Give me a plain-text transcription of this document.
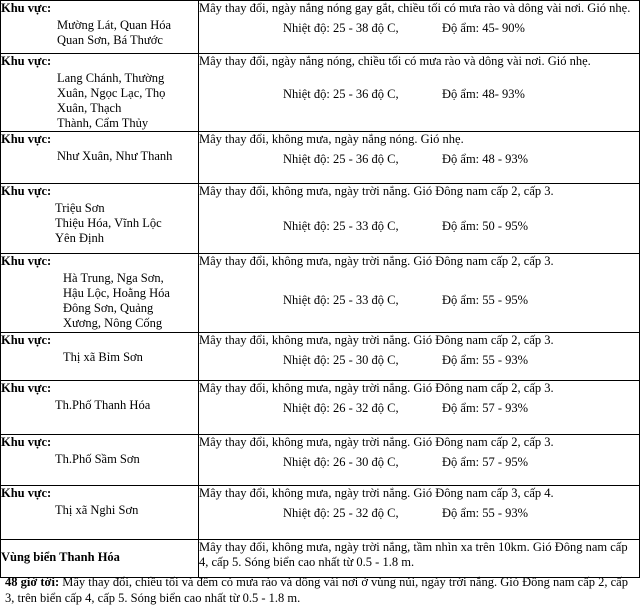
Khu vực:
Mường Lát, Quan Hóa
Quan Sơn, Bá Thước	Mây thay đổi, ngày nắng nóng gay gắt, chiều tối có mưa rào và dông vài nơi. Gió nhẹ.
Nhiệt độ: 25 - 38 độ C, Độ ẩm: 45- 90%

Khu vực:
Lang Chánh, Thường
Xuân, Ngọc Lạc, Thọ
Xuân, Thạch
Thành, Cẩm Thủy	Mây thay đổi, ngày nắng nóng, chiều tối có mưa rào và dông vài nơi. Gió nhẹ.
Nhiệt độ: 25 - 36 độ C, Độ ẩm: 48- 93%

Khu vực:
Như Xuân, Như Thanh	Mây thay đổi, không mưa, ngày nắng nóng. Gió nhẹ.
Nhiệt độ: 25 - 36 độ C, Độ ẩm: 48 - 93%

Khu vực:
Triệu Sơn
Thiệu Hóa, Vĩnh Lộc
Yên Định	Mây thay đổi, không mưa, ngày trời nắng. Gió Đông nam cấp 2, cấp 3.
Nhiệt độ: 25 - 33 độ C, Độ ẩm: 50 - 95%

Khu vực:
Hà Trung, Nga Sơn,
Hậu Lộc, Hoằng Hóa
Đông Sơn, Quảng
Xương, Nông Cống	Mây thay đổi, không mưa, ngày trời nắng. Gió Đông nam cấp 2, cấp 3.
Nhiệt độ: 25 - 33 độ C, Độ ẩm: 55 - 95%

Khu vực:
Thị xã Bỉm Sơn	Mây thay đổi, không mưa, ngày trời nắng. Gió Đông nam cấp 2, cấp 3.
Nhiệt độ: 25 - 30 độ C, Độ ẩm: 55 - 93%

Khu vực:
Th.Phố Thanh Hóa	Mây thay đổi, không mưa, ngày trời nắng. Gió Đông nam cấp 2, cấp 3.
Nhiệt độ: 26 - 32 độ C, Độ ẩm: 57 - 93%

Khu vực:
Th.Phố Sầm Sơn	Mây thay đổi, không mưa, ngày trời nắng. Gió Đông nam cấp 2, cấp 3.
Nhiệt độ: 26 - 30 độ C, Độ ẩm: 57 - 95%

Khu vực:
Thị xã Nghi Sơn	Mây thay đổi, không mưa, ngày trời nắng. Gió Đông nam cấp 3, cấp 4.
Nhiệt độ: 25 - 32 độ C, Độ ẩm: 55 - 93%

Vùng biển Thanh Hóa	Mây thay đổi, không mưa, ngày trời nắng, tầm nhìn xa trên 10km. Gió Đông nam cấp 4, cấp 5. Sóng biển cao nhất từ 0.5 - 1.8 m.
48 giờ tới: Mây thay đổi, chiều tối và đêm có mưa rào và dông vài nơi ở vùng núi, ngày trời nắng. Gió Đông nam cấp 2, cấp 3, trên biển cấp 4, cấp 5. Sóng biển cao nhất từ 0.5 - 1.8 m.
